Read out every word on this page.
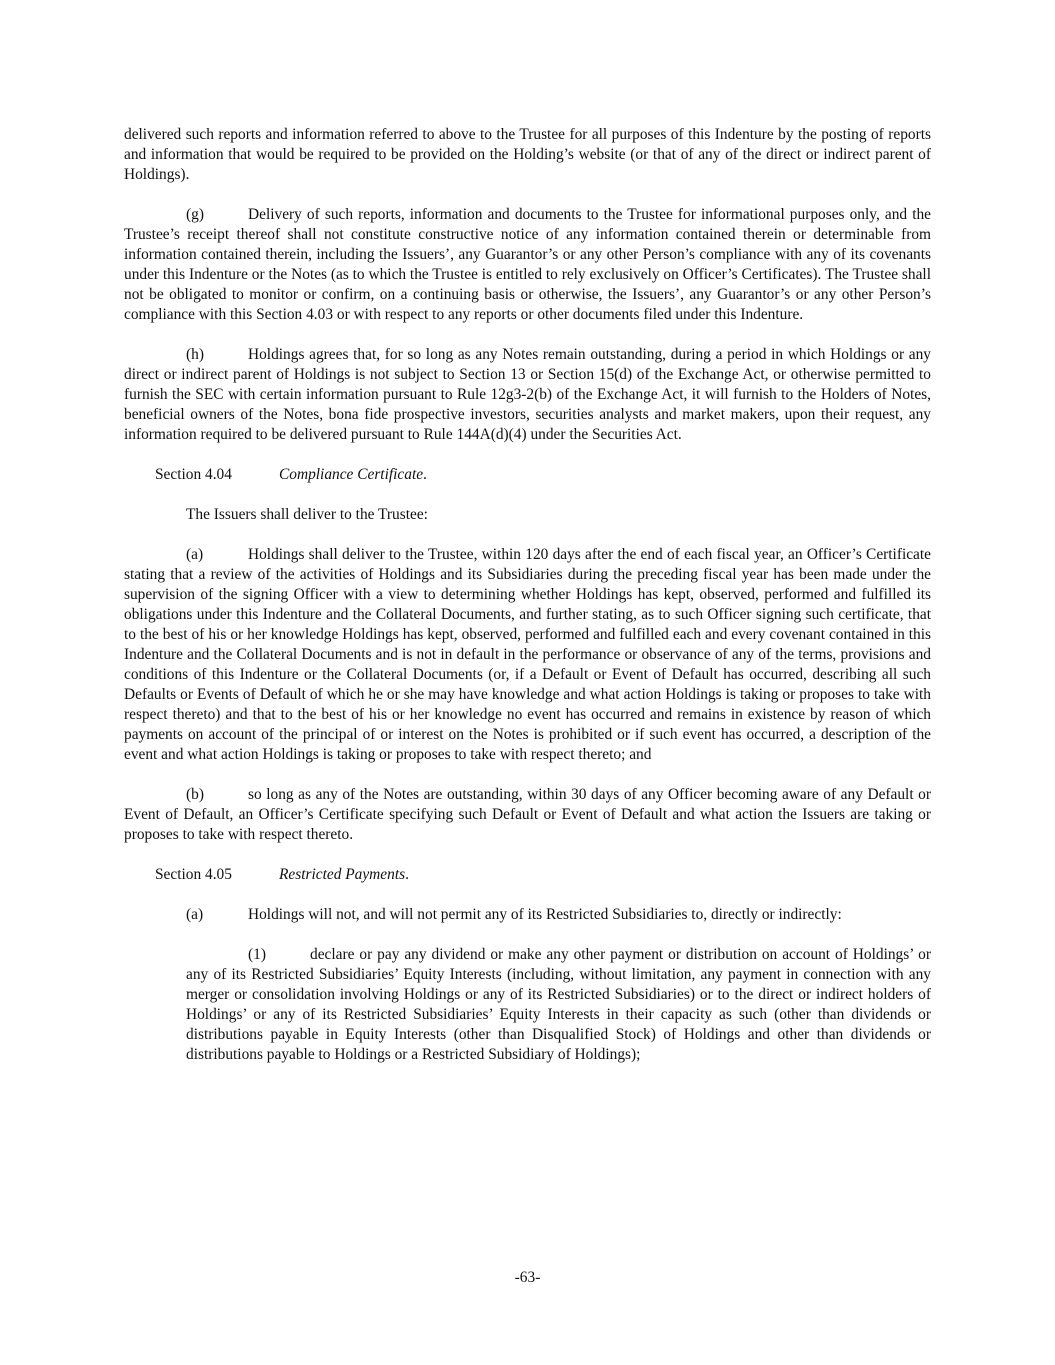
delivered such reports and information referred to above to the Trustee for all purposes of this Indenture by the posting of reports and information that would be required to be provided on the Holding’s website (or that of any of the direct or indirect parent of Holdings).

(g)	Delivery of such reports, information and documents to the Trustee for informational purposes only, and the Trustee’s receipt thereof shall not constitute constructive notice of any information contained therein or determinable from information contained therein, including the Issuers’, any Guarantor’s or any other Person’s compliance with any of its covenants under this Indenture or the Notes (as to which the Trustee is entitled to rely exclusively on Officer’s Certificates). The Trustee shall not be obligated to monitor or confirm, on a continuing basis or otherwise, the Issuers’, any Guarantor’s or any other Person’s compliance with this Section 4.03 or with respect to any reports or other documents filed under this Indenture.

(h)	Holdings agrees that, for so long as any Notes remain outstanding, during a period in which Holdings or any direct or indirect parent of Holdings is not subject to Section 13 or Section 15(d) of the Exchange Act, or otherwise permitted to furnish the SEC with certain information pursuant to Rule 12g3-2(b) of the Exchange Act, it will furnish to the Holders of Notes, beneficial owners of the Notes, bona fide prospective investors, securities analysts and market makers, upon their request, any information required to be delivered pursuant to Rule 144A(d)(4) under the Securities Act.

Section 4.04	Compliance Certificate.

The Issuers shall deliver to the Trustee:

(a)	Holdings shall deliver to the Trustee, within 120 days after the end of each fiscal year, an Officer’s Certificate stating that a review of the activities of Holdings and its Subsidiaries during the preceding fiscal year has been made under the supervision of the signing Officer with a view to determining whether Holdings has kept, observed, performed and fulfilled its obligations under this Indenture and the Collateral Documents, and further stating, as to such Officer signing such certificate, that to the best of his or her knowledge Holdings has kept, observed, performed and fulfilled each and every covenant contained in this Indenture and the Collateral Documents and is not in default in the performance or observance of any of the terms, provisions and conditions of this Indenture or the Collateral Documents (or, if a Default or Event of Default has occurred, describing all such Defaults or Events of Default of which he or she may have knowledge and what action Holdings is taking or proposes to take with respect thereto) and that to the best of his or her knowledge no event has occurred and remains in existence by reason of which payments on account of the principal of or interest on the Notes is prohibited or if such event has occurred, a description of the event and what action Holdings is taking or proposes to take with respect thereto; and

(b)	so long as any of the Notes are outstanding, within 30 days of any Officer becoming aware of any Default or Event of Default, an Officer’s Certificate specifying such Default or Event of Default and what action the Issuers are taking or proposes to take with respect thereto.

Section 4.05	Restricted Payments.

(a)	Holdings will not, and will not permit any of its Restricted Subsidiaries to, directly or indirectly:

(1)	declare or pay any dividend or make any other payment or distribution on account of Holdings’ or any of its Restricted Subsidiaries’ Equity Interests (including, without limitation, any payment in connection with any merger or consolidation involving Holdings or any of its Restricted Subsidiaries) or to the direct or indirect holders of Holdings’ or any of its Restricted Subsidiaries’ Equity Interests in their capacity as such (other than dividends or distributions payable in Equity Interests (other than Disqualified Stock) of Holdings and other than dividends or distributions payable to Holdings or a Restricted Subsidiary of Holdings);

-63-
